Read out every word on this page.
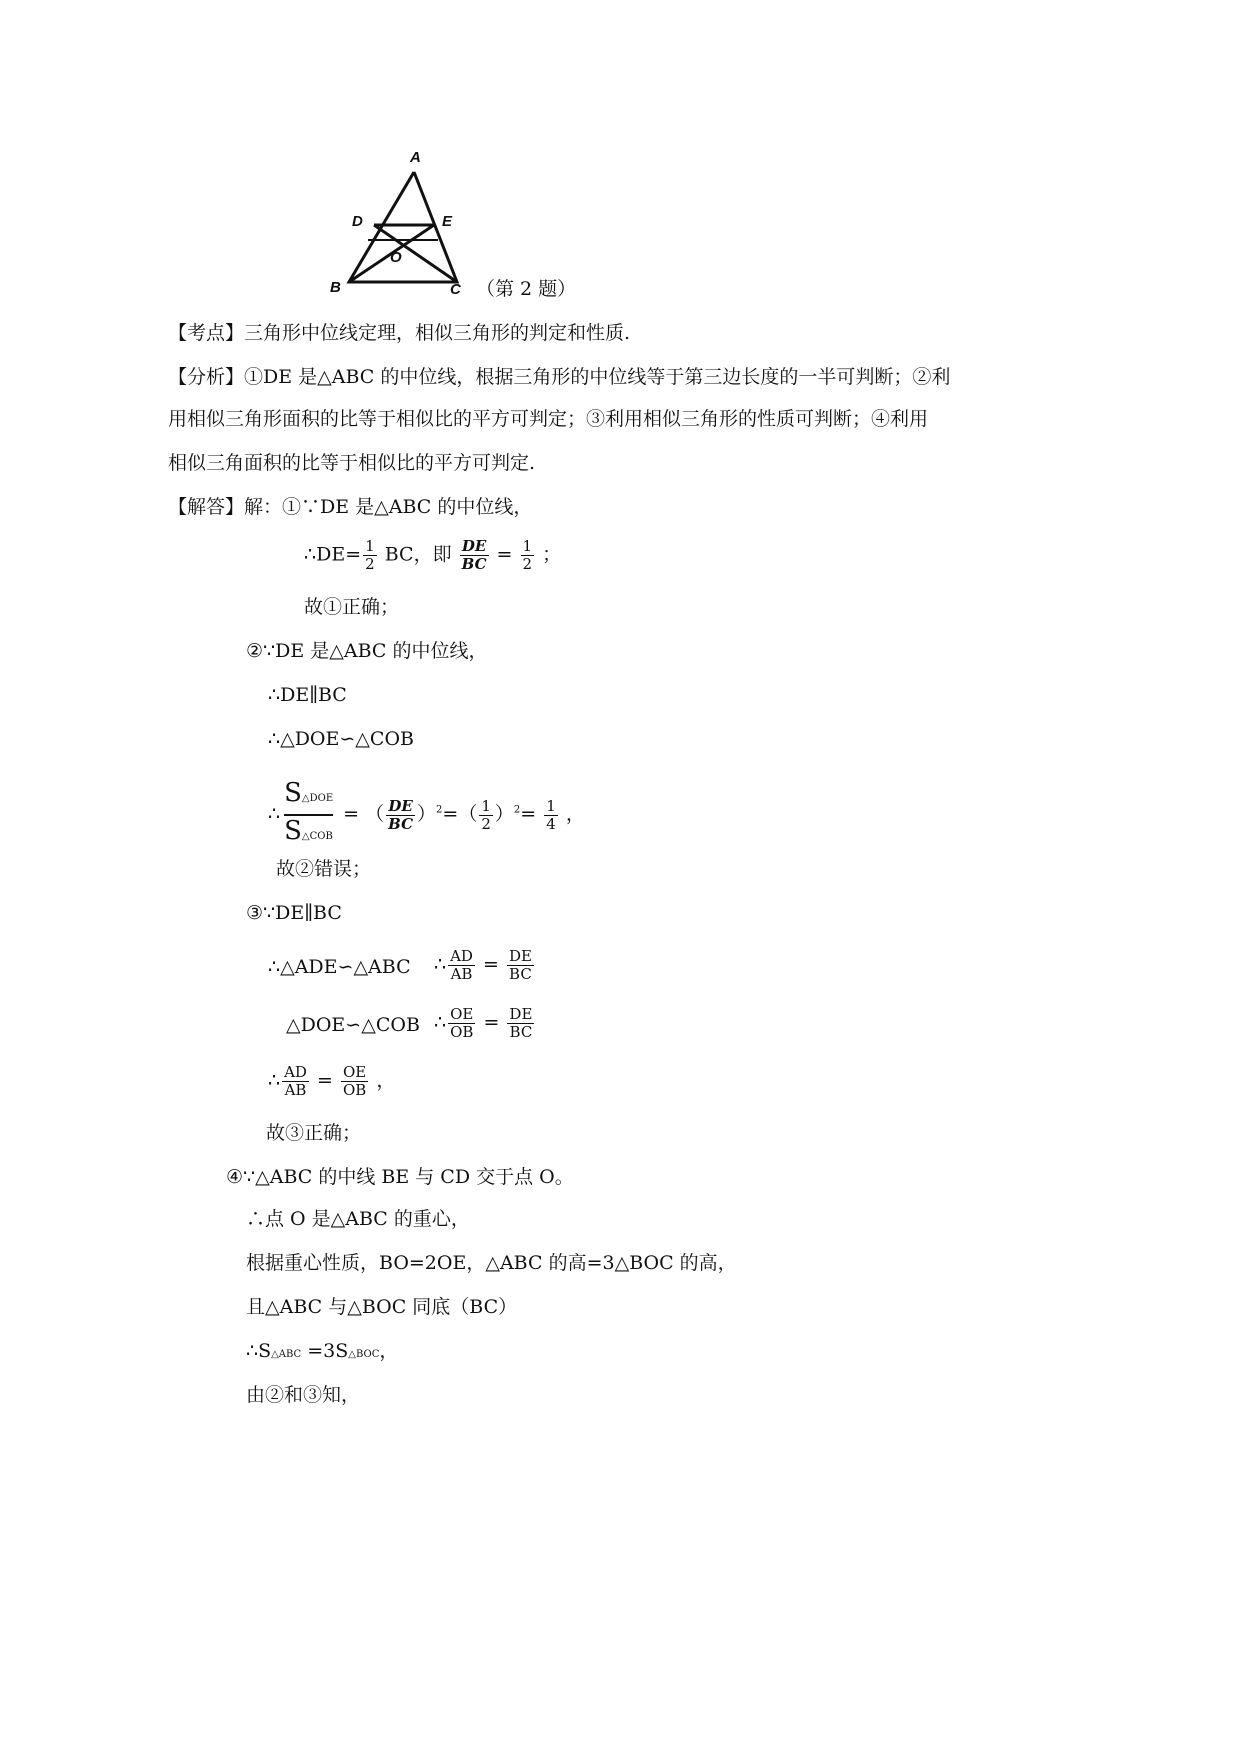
A
D	E
O
B	C （第 2 题）
【考点】三角形中位线定理，相似三角形的判定和性质.
【分析】①DE 是△ABC 的中位线，根据三角形的中位线等于第三边长度的一半可判断；②利
用相似三角形面积的比等于相似比的平方可判定；③利用相似三角形的性质可判断；④利用
相似三角面积的比等于相似比的平方可判定.
【解答】解：①∵DE 是△ABC 的中位线，
∴DE= $\frac{1}{2}$ BC，即 $\frac{DE}{BC} = \frac{1}{2}$ ；
故①正确；
②∵DE 是△ABC 的中位线，
∴DE∥BC
∴△DOE∽△COB
∴ $\frac{\text{S△DOE}}{\text{S△COB}}$ = （ $\frac{DE}{BC} )^2=( \frac{1}{2} )^2= \frac{1}{4}$ ，
故②错误；
③∵DE∥BC
∴△ADE∽△ABC ∴ $\frac{AD}{AB} = \frac{DE}{BC}$
△DOE∽△COB ∴ $\frac{OE}{OB} = \frac{DE}{BC}$
∴ $\frac{AD}{AB} = \frac{OE}{OB}$ ，
故③正确；
④∵△ABC 的中线 BE 与 CD 交于点 O。
∴点 O 是△ABC 的重心，
根据重心性质，BO=2OE，△ABC 的高=3△BOC 的高，
且△ABC 与△BOC 同底（BC）
∴S△ABC =3S△BOC，
由②和③知，
